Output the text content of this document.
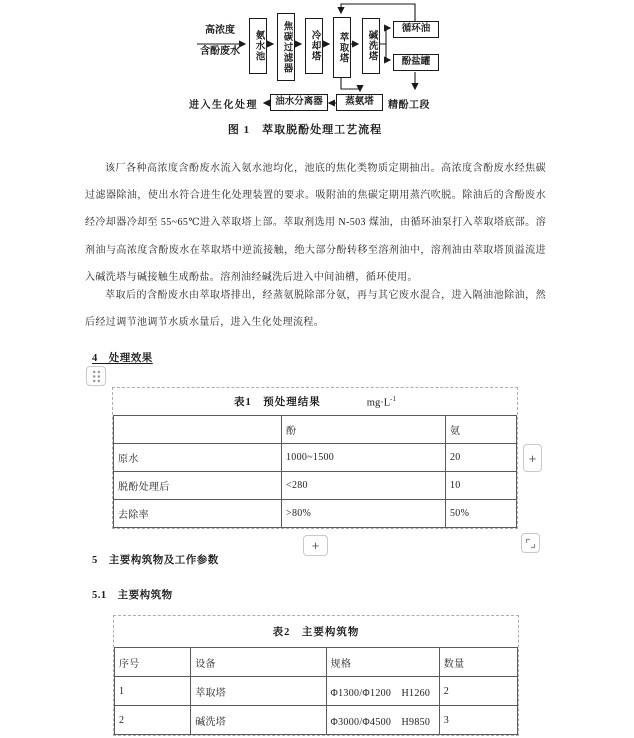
高浓度
含酚废水	氨水池	焦碳过滤器	冷却塔	萃取塔	碱洗塔
循环油
酚盐罐
油水分离器	蒸氨塔
进入生化处理	精酚工段
图 1　萃取脱酚处理工艺流程
该厂各种高浓度含酚废水流入氨水池均化，池底的焦化类物质定期抽出。高浓度含酚废水经焦碳过滤器除油，使出水符合进生化处理装置的要求。吸附油的焦碳定期用蒸汽吹脱。除油后的含酚废水经冷却器冷却至 55~65℃进入萃取塔上部。萃取剂选用 N-503 煤油，由循环油泵打入萃取塔底部。溶剂油与高浓度含酚废水在萃取塔中逆流接触，绝大部分酚转移至溶剂油中，溶剂油由萃取塔顶溢流进入碱洗塔与碱接触生成酚盐。溶剂油经碱洗后进入中间油槽，循环使用。
萃取后的含酚废水由萃取塔排出，经蒸氨脱除部分氨，再与其它废水混合，进入隔油池除油，然后经过调节池调节水质水量后，进入生化处理流程。
4　处理效果
表1　预处理结果	$mg\cdot L^{-1}$
	酚	氨
原水	1000~1500	20
脱酚处理后	<280	10
去除率	>80%	50%
+
+
5　主要构筑物及工作参数
5.1　主要构筑物
表2　主要构筑物
序号	设备	规格	数量
1	萃取塔	Φ1300/Φ1200　H1260	2
2	碱洗塔	Φ3000/Φ4500　H9850	3
